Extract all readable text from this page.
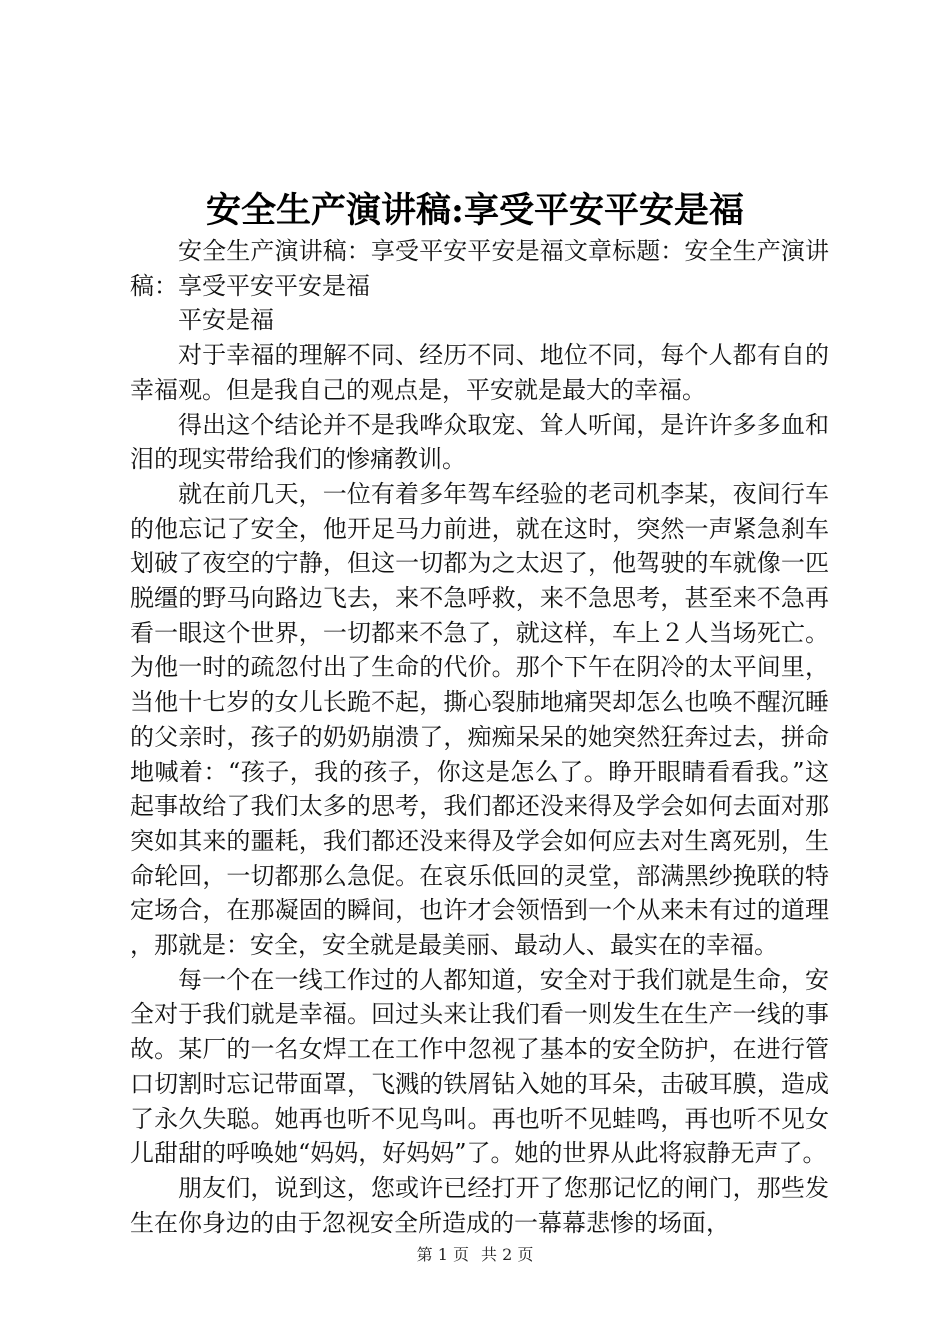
安全生产演讲稿:享受平安平安是福

安全生产演讲稿：享受平安平安是福文章标题：安全生产演讲稿：享受平安平安是福

平安是福

对于幸福的理解不同、经历不同、地位不同，每个人都有自的幸福观。但是我自己的观点是，平安就是最大的幸福。

得出这个结论并不是我哗众取宠、耸人听闻，是许许多多血和泪的现实带给我们的惨痛教训。

就在前几天，一位有着多年驾车经验的老司机李某，夜间行车的他忘记了安全，他开足马力前进，就在这时，突然一声紧急刹车划破了夜空的宁静，但这一切都为之太迟了，他驾驶的车就像一匹脱缰的野马向路边飞去，来不急呼救，来不急思考，甚至来不急再看一眼这个世界，一切都来不急了，就这样，车上２人当场死亡。为他一时的疏忽付出了生命的代价。那个下午在阴冷的太平间里，当他十七岁的女儿长跪不起，撕心裂肺地痛哭却怎么也唤不醒沉睡的父亲时，孩子的奶奶崩溃了，痴痴呆呆的她突然狂奔过去，拼命地喊着：“孩子，我的孩子，你这是怎么了。睁开眼睛看看我。”这起事故给了我们太多的思考，我们都还没来得及学会如何去面对那突如其来的噩耗，我们都还没来得及学会如何应去对生离死别，生命轮回，一切都那么急促。在哀乐低回的灵堂，部满黑纱挽联的特定场合，在那凝固的瞬间，也许才会领悟到一个从来未有过的道理，那就是：安全，安全就是最美丽、最动人、最实在的幸福。

每一个在一线工作过的人都知道，安全对于我们就是生命，安全对于我们就是幸福。回过头来让我们看一则发生在生产一线的事故。某厂的一名女焊工在工作中忽视了基本的安全防护，在进行管口切割时忘记带面罩，飞溅的铁屑钻入她的耳朵，击破耳膜，造成了永久失聪。她再也听不见鸟叫。再也听不见蛙鸣，再也听不见女儿甜甜的呼唤她“妈妈，好妈妈”了。她的世界从此将寂静无声了。

朋友们，说到这，您或许已经打开了您那记忆的闸门，那些发生在你身边的由于忽视安全所造成的一幕幕悲惨的场面，

第 1 页 共 2 页
